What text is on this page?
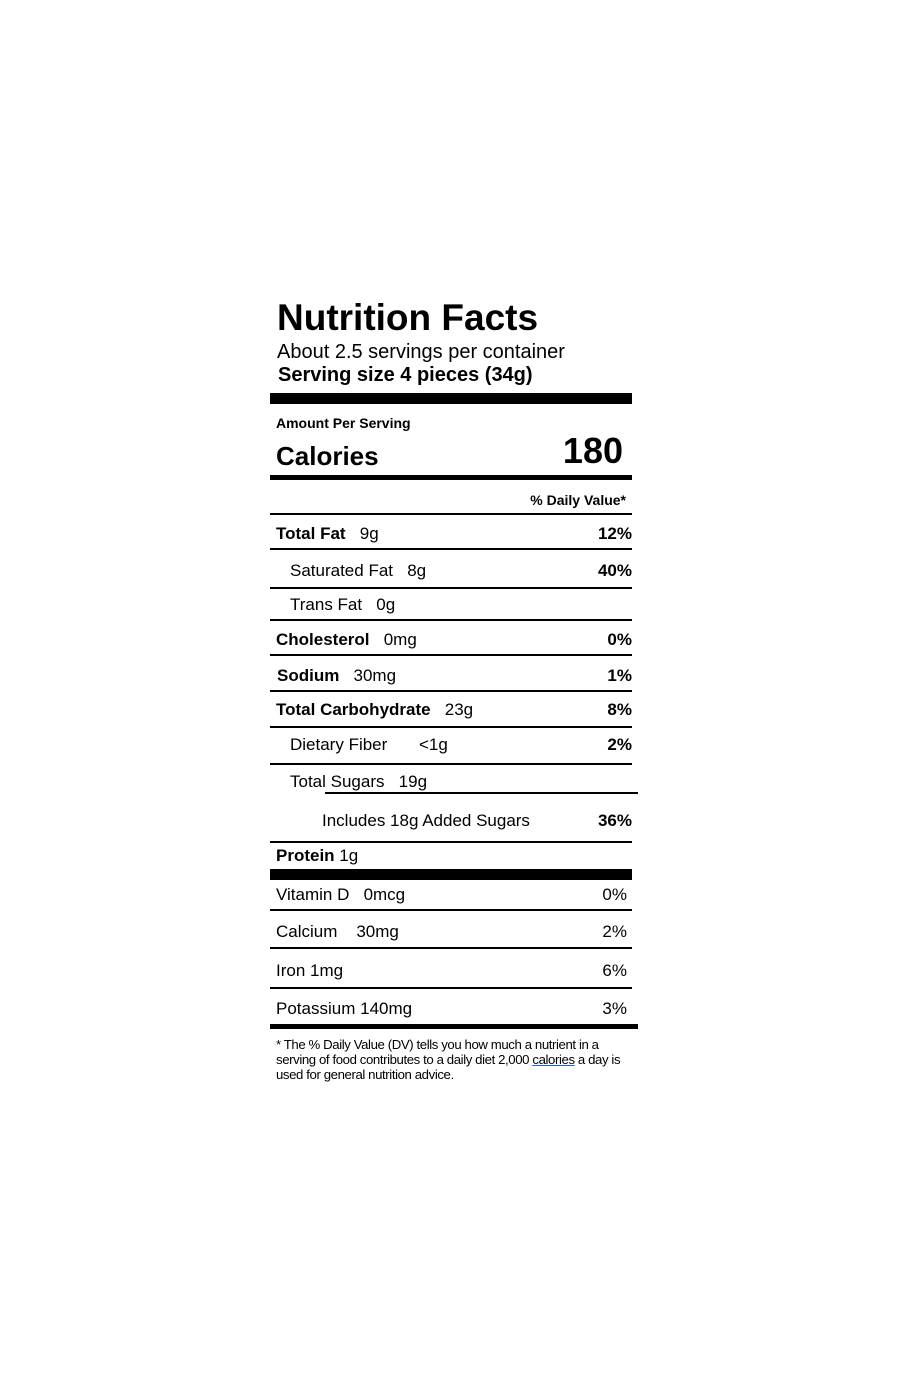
Nutrition Facts
About 2.5 servings per container
Serving size 4 pieces (34g)
Amount Per Serving
Calories	180
% Daily Value*
Total Fat 9g	12%
Saturated Fat 8g	40%
Trans Fat 0g
Cholesterol 0mg	0%
Sodium 30mg	1%
Total Carbohydrate 23g	8%
Dietary Fiber <1g	2%
Total Sugars 19g
Includes 18g Added Sugars	36%
Protein 1g
Vitamin D 0mcg	0%
Calcium 30mg	2%
Iron 1mg	6%
Potassium 140mg	3%
* The % Daily Value (DV) tells you how much a nutrient in a serving of food contributes to a daily diet 2,000 calories a day is used for general nutrition advice.
